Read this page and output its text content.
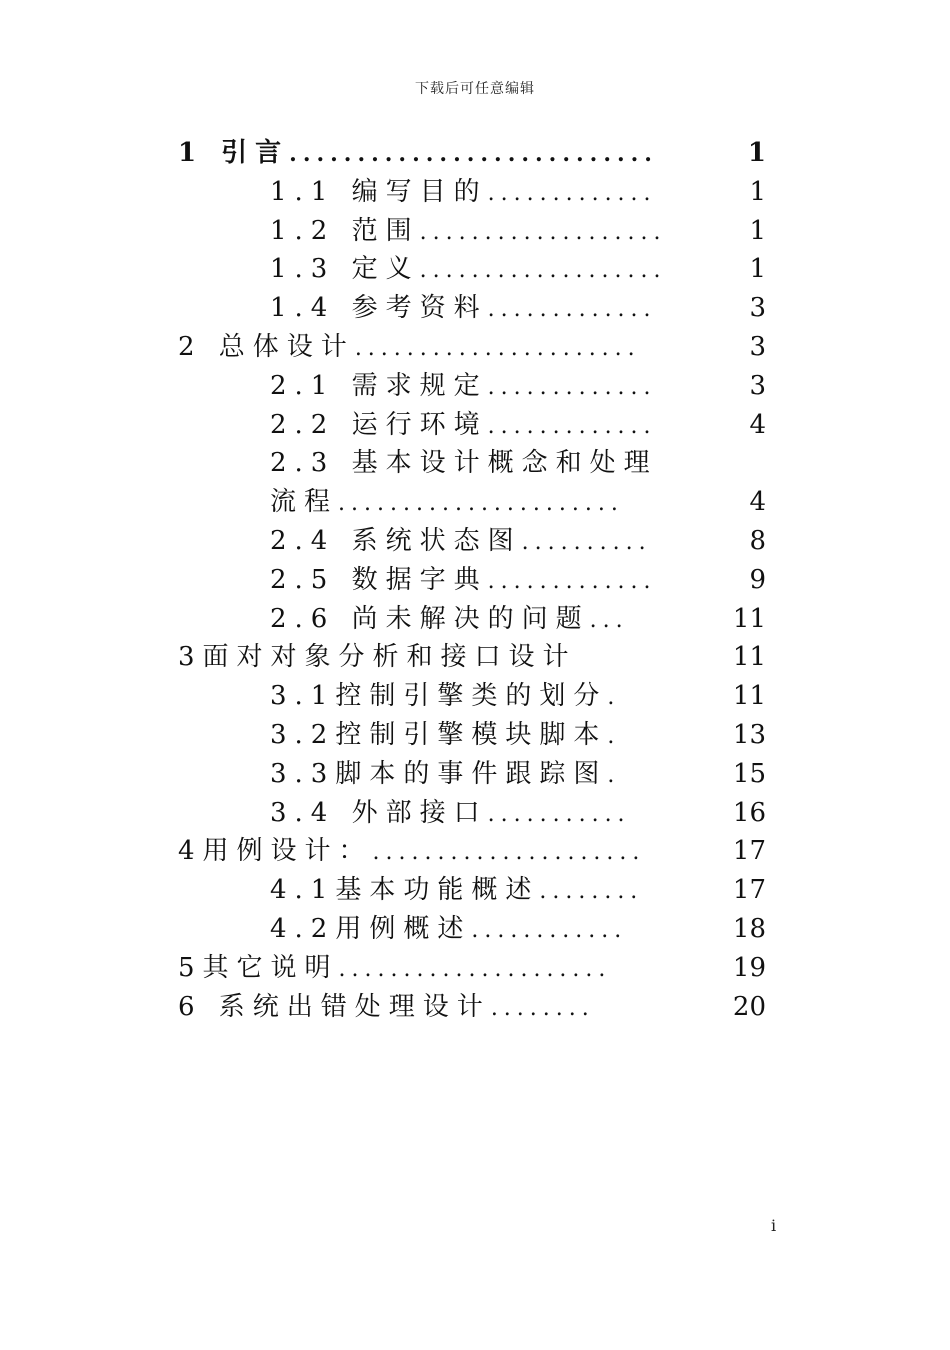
下载后可任意编辑
1 引言 ...........................	1
1.1 编写目的 .............	1
1.2 范围 ...................	1
1.3 定义 ...................	1
1.4 参考资料 .............	3
2 总体设计 ......................	3
2.1 需求规定 .............	3
2.2 运行环境 .............	4
2.3 基本设计概念和处理
流程 ......................	4
2.4 系统状态图 ..........	8
2.5 数据字典 .............	9
2.6 尚未解决的问题 ...	11
3面对对象分析和接口设计	11
3.1控制引擎类的划分 .	11
3.2控制引擎模块脚本 .	13
3.3脚本的事件跟踪图 .	15
3.4 外部接口 ...........	16
4用例设计： .....................	17
4.1基本功能概述 ........	17
4.2用例概述 ............	18
5其它说明 .....................	19
6 系统出错处理设计 ........	20
i
